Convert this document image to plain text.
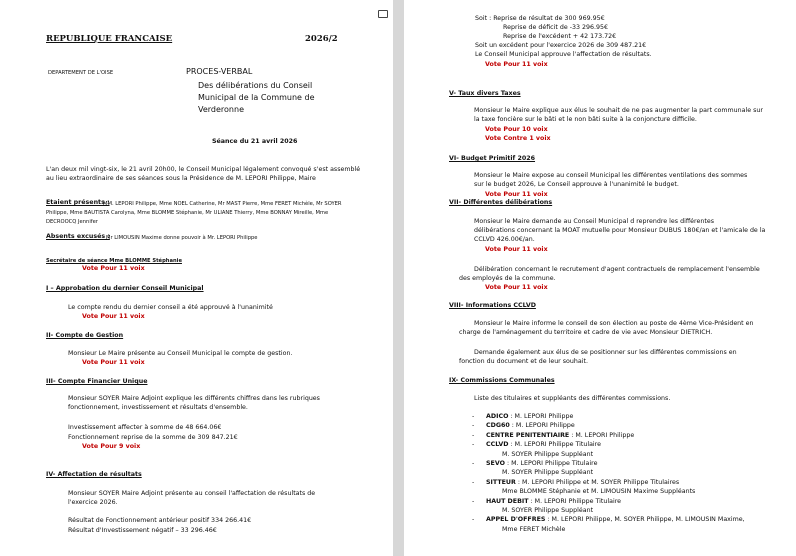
REPUBLIQUE FRANCAISE	2026/2
DEPARTEMENT DE L'OISE	PROCES-VERBAL
Des délibérations du Conseil
Municipal de la Commune de
Verderonne
Séance du 21 avril 2026
L'an deux mil vingt-six, le 21 avril 20h00, le Conseil Municipal légalement convoqué s'est assemblé
au lieu extraordinaire de ses séances sous la Présidence de M. LEPORI Philippe, Maire
Etaient présents :
MM. LEPORI Philippe, Mme NOEL Catherine, Mr MAST Pierre, Mme FERET Michèle, Mr SOYER
Philippe, Mme BAUTISTA Carolyna, Mme BLOMME Stéphanie, Mr ULIANE Thierry, Mme BONNAY Mireille, Mme
DECROOCQ Jennifer
Absents excusés :
Mr LIMOUSIN Maxime donne pouvoir à Mr. LEPORI Philippe
Secrétaire de séance Mme BLOMME Stéphanie
Vote Pour 11 voix
I – Approbation du dernier Conseil Municipal
Le compte rendu du dernier conseil a été approuvé à l'unanimité
Vote Pour 11 voix
II- Compte de Gestion
Monsieur Le Maire présente au Conseil Municipal le compte de gestion.
Vote Pour 11 voix
III- Compte Financier Unique
Monsieur SOYER Maire Adjoint explique les différents chiffres dans les rubriques
fonctionnement, investissement et résultats d'ensemble.
Investissement affecter à somme de 48 664.06€
Fonctionnement reprise de la somme de 309 847.21€
Vote Pour 9 voix
IV- Affectation de résultats
Monsieur SOYER Maire Adjoint présente au conseil l'affectation de résultats de
l'exercice 2026.
Résultat de Fonctionnement antérieur positif 334 266.41€
Résultat d'Investissement négatif – 33 296.46€
Soit : Reprise de résultat de 300 969.95€
Reprise de déficit de -33 296.95€
Reprise de l'excédent + 42 173.72€
Soit un excédent pour l'exercice 2026 de 309 487.21€
Le Conseil Municipal approuve l'affectation de résultats.
Vote Pour 11 voix
V- Taux divers Taxes
Monsieur le Maire explique aux élus le souhait de ne pas augmenter la part communale sur
la taxe foncière sur le bâti et le non bâti suite à la conjoncture difficile.
Vote Pour 10 voix
Vote Contre 1 voix
VI- Budget Primitif 2026
Monsieur le Maire expose au conseil Municipal les différentes ventilations des sommes
sur le budget 2026, Le Conseil approuve à l'unanimité le budget.
Vote Pour 11 voix
VII- Différentes délibérations
Monsieur le Maire demande au Conseil Municipal d reprendre les différentes
délibérations concernant la MOAT mutuelle pour Monsieur DUBUS 180€/an et l'amicale de la
CCLVD 426.00€/an.
Vote Pour 11 voix
Délibération concernant le recrutement d'agent contractuels de remplacement l'ensemble
des employés de la commune.
Vote Pour 11 voix
VIII- Informations CCLVD
Monsieur le Maire informe le conseil de son élection au poste de 4ème Vice-Président en
charge de l'aménagement du territoire et cadre de vie avec Monsieur DIETRICH.
Demande également aux élus de se positionner sur les différentes commissions en
fonction du document et de leur souhait.
IX- Commissions Communales
Liste des titulaires et suppléants des différentes commissions.
- ADICO : M. LEPORI Philippe
- CDG60 : M. LEPORI Philippe
- CENTRE PENITENTIAIRE : M. LEPORI Philippe
- CCLVD : M. LEPORI Philippe Titulaire
M. SOYER Philippe Suppléant
- SEVO : M. LEPORI Philippe Titulaire
M. SOYER Philippe Suppléant
- SITTEUR : M. LEPORI Philippe et M. SOYER Philippe Titulaires
Mme BLOMME Stéphanie et M. LIMOUSIN Maxime Suppléants
- HAUT DEBIT : M. LEPORI Philippe Titulaire
M. SOYER Philippe Suppléant
- APPEL D'OFFRES : M. LEPORI Philippe, M. SOYER Philippe, M. LIMOUSIN Maxime,
Mme FERET Michèle
